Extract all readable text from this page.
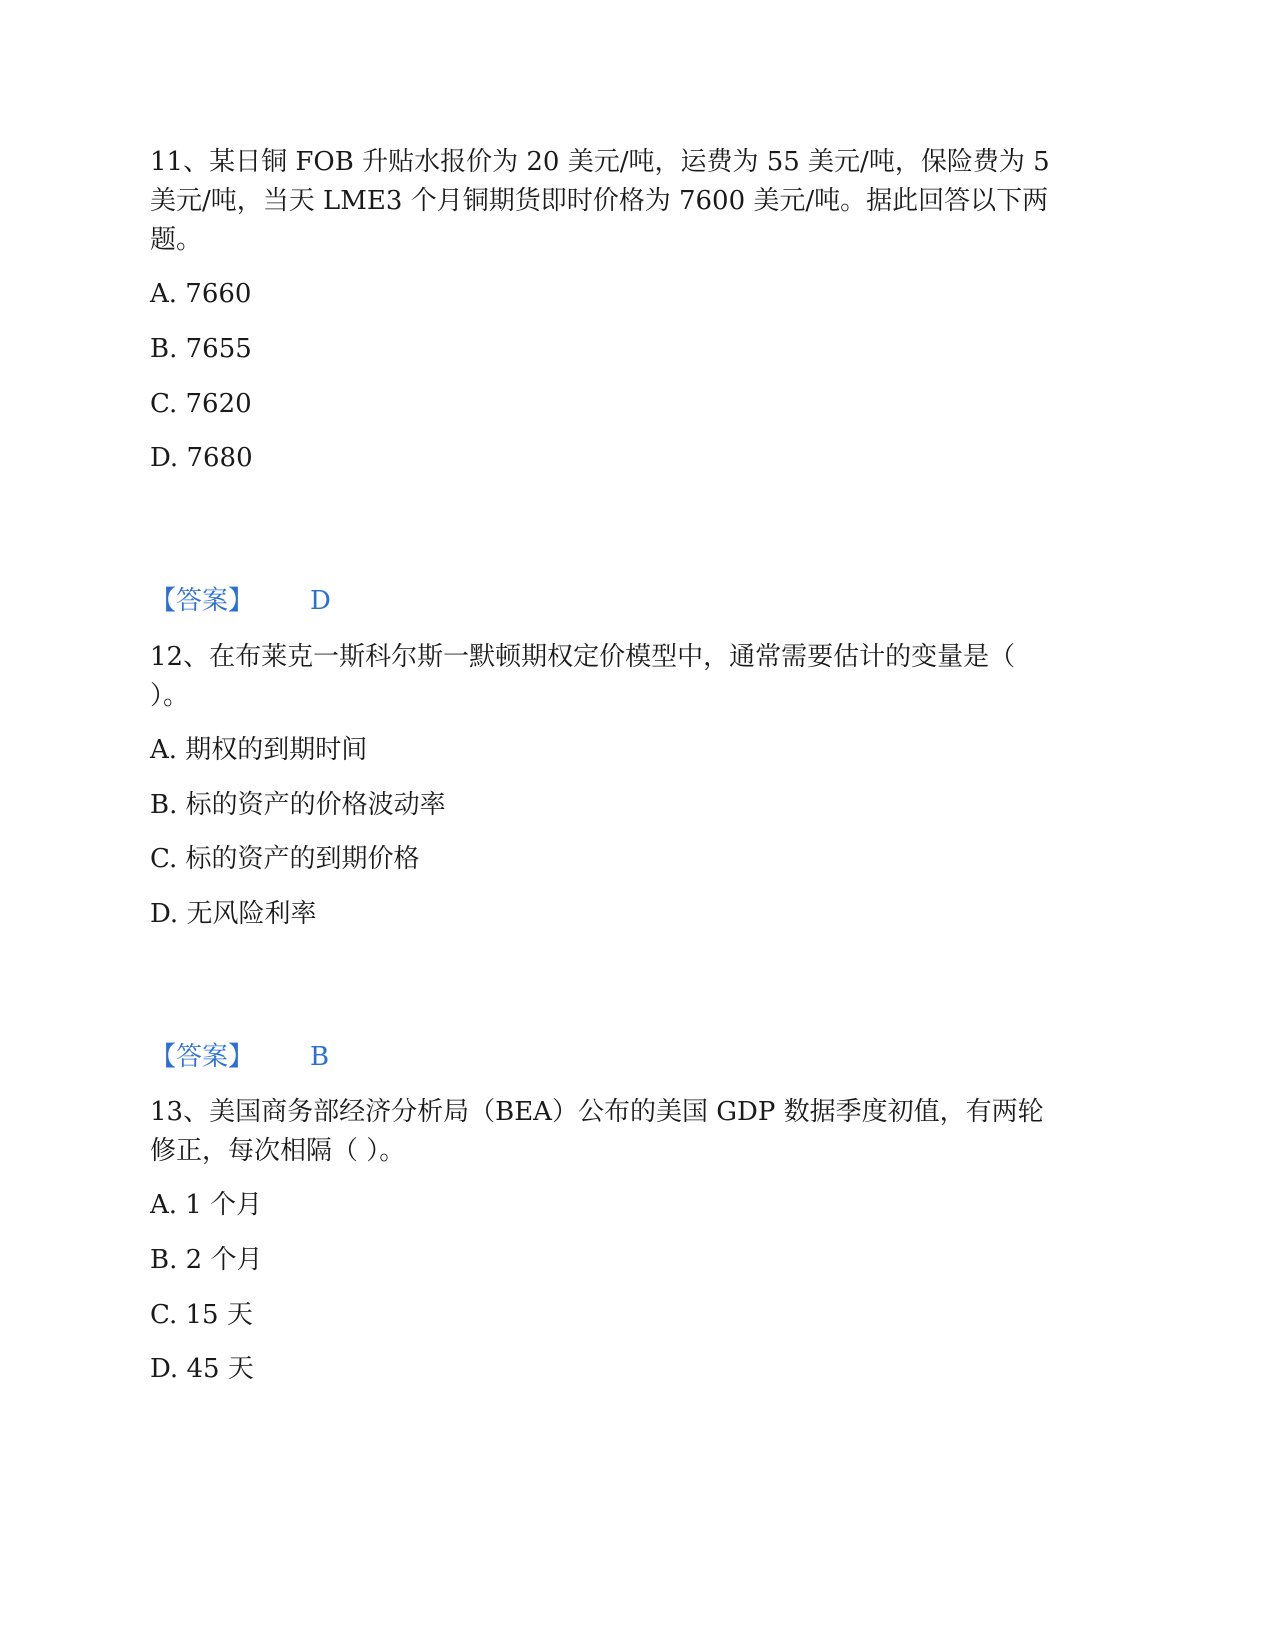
11、某日铜 FOB 升贴水报价为 20 美元/吨，运费为 55 美元/吨，保险费为 5
美元/吨，当天 LME3 个月铜期货即时价格为 7600 美元/吨。据此回答以下两
题。
A. 7660
B. 7655
C. 7620
D. 7680
【答案】 D
12、在布莱克一斯科尔斯一默顿期权定价模型中，通常需要估计的变量是（
）。
A. 期权的到期时间
B. 标的资产的价格波动率
C. 标的资产的到期价格
D. 无风险利率
【答案】 B
13、美国商务部经济分析局（BEA）公布的美国 GDP 数据季度初值，有两轮
修正，每次相隔（ ）。
A. 1 个月
B. 2 个月
C. 15 天
D. 45 天
